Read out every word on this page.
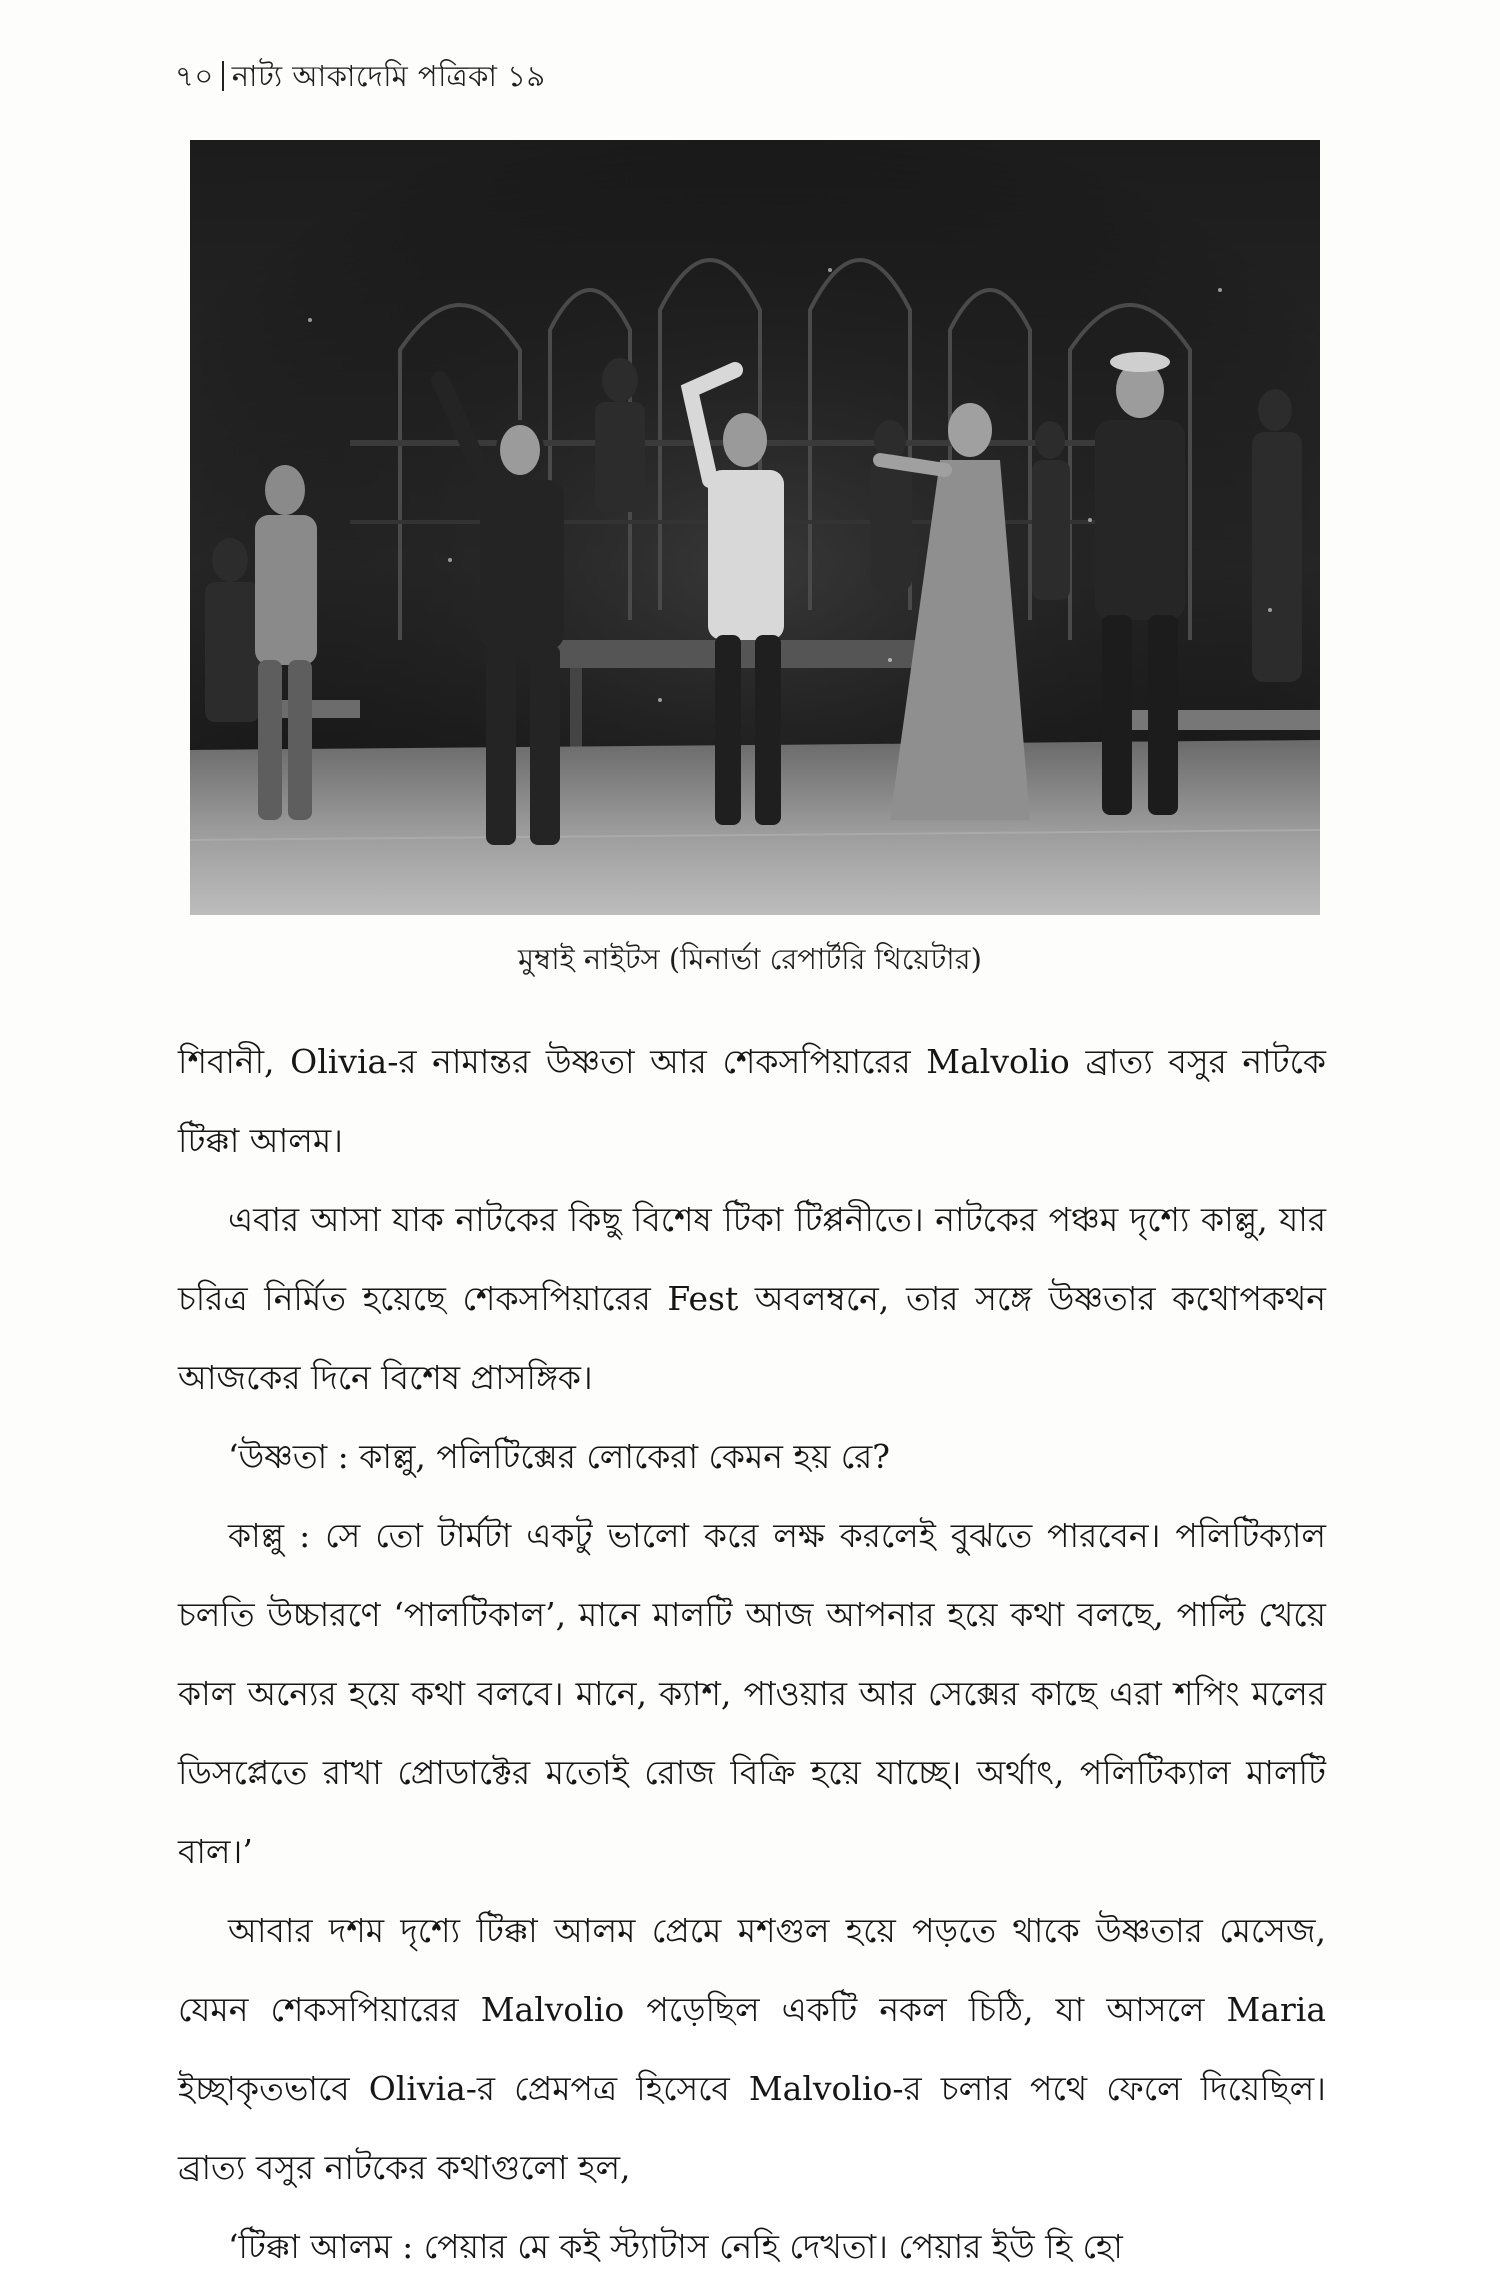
৭০ নাট্য আকাদেমি পত্রিকা ১৯
মুম্বাই নাইটস (মিনার্ভা রেপার্টরি থিয়েটার)

শিবানী, Olivia-র নামান্তর উষ্ণতা আর শেকসপিয়ারের Malvolio ব্রাত্য বসুর নাটকে টিক্কা আলম।

এবার আসা যাক নাটকের কিছু বিশেষ টিকা টিপ্পনীতে। নাটকের পঞ্চম দৃশ্যে কাল্লু, যার চরিত্র নির্মিত হয়েছে শেকসপিয়ারের Fest অবলম্বনে, তার সঙ্গে উষ্ণতার কথোপকথন আজকের দিনে বিশেষ প্রাসঙ্গিক।

‘উষ্ণতা : কাল্লু, পলিটিক্সের লোকেরা কেমন হয় রে?

কাল্লু : সে তো টার্মটা একটু ভালো করে লক্ষ করলেই বুঝতে পারবেন। পলিটিক্যাল চলতি উচ্চারণে ‘পালটিকাল’, মানে মালটি আজ আপনার হয়ে কথা বলছে, পাল্টি খেয়ে কাল অন্যের হয়ে কথা বলবে। মানে, ক্যাশ, পাওয়ার আর সেক্সের কাছে এরা শপিং মলের ডিসপ্লেতে রাখা প্রোডাক্টের মতোই রোজ বিক্রি হয়ে যাচ্ছে। অর্থাৎ, পলিটিক্যাল মালটি বাল।’

আবার দশম দৃশ্যে টিক্কা আলম প্রেমে মশগুল হয়ে পড়তে থাকে উষ্ণতার মেসেজ, যেমন শেকসপিয়ারের Malvolio পড়েছিল একটি নকল চিঠি, যা আসলে Maria ইচ্ছাকৃতভাবে Olivia-র প্রেমপত্র হিসেবে Malvolio-র চলার পথে ফেলে দিয়েছিল। ব্রাত্য বসুর নাটকের কথাগুলো হল,

‘টিক্কা আলম : পেয়ার মে কই স্ট্যাটাস নেহি দেখতা। পেয়ার ইউ হি হো
